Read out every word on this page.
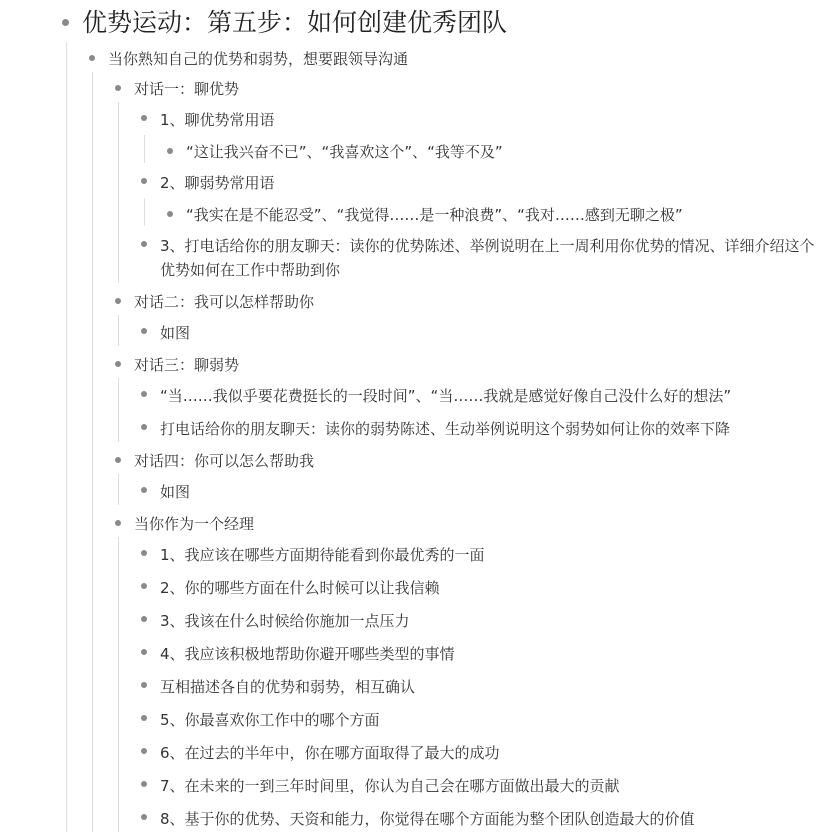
优势运动：第五步：如何创建优秀团队
当你熟知自己的优势和弱势，想要跟领导沟通
对话一：聊优势
1、聊优势常用语
“这让我兴奋不已”、“我喜欢这个”、“我等不及”
2、聊弱势常用语
“我实在是不能忍受”、“我觉得……是一种浪费”、“我对……感到无聊之极”
3、打电话给你的朋友聊天：读你的优势陈述、举例说明在上一周利用你优势的情况、详细介绍这个优势如何在工作中帮助到你
对话二：我可以怎样帮助你
如图
对话三：聊弱势
“当……我似乎要花费挺长的一段时间”、“当……我就是感觉好像自己没什么好的想法”
打电话给你的朋友聊天：读你的弱势陈述、生动举例说明这个弱势如何让你的效率下降
对话四：你可以怎么帮助我
如图
当你作为一个经理
1、我应该在哪些方面期待能看到你最优秀的一面
2、你的哪些方面在什么时候可以让我信赖
3、我该在什么时候给你施加一点压力
4、我应该积极地帮助你避开哪些类型的事情
互相描述各自的优势和弱势，相互确认
5、你最喜欢你工作中的哪个方面
6、在过去的半年中，你在哪方面取得了最大的成功
7、在未来的一到三年时间里，你认为自己会在哪方面做出最大的贡献
8、基于你的优势、天资和能力，你觉得在哪个方面能为整个团队创造最大的价值
